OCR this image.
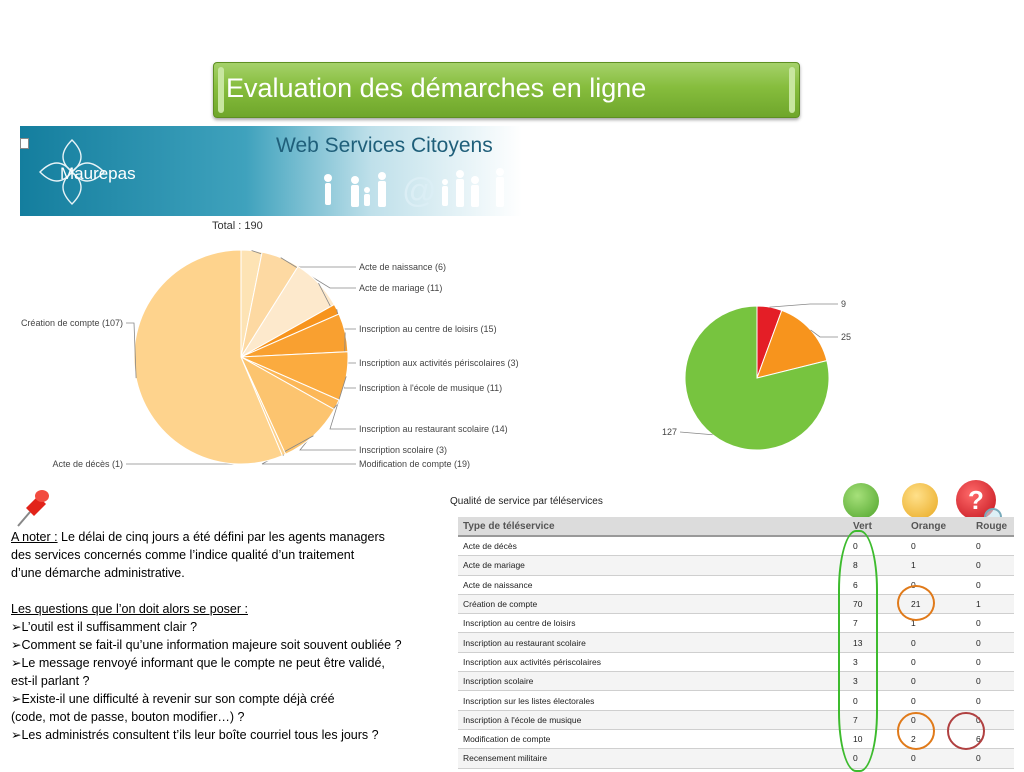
Evaluation des démarches en ligne
Maurepas
Web Services Citoyens
@
Total : 190
Acte de naissance (6)
Acte de mariage (11)
Inscription au centre de loisirs (15)
Inscription aux activités périscolaires (3)
Inscription à l'école de musique (11)
Inscription au restaurant scolaire (14)
Inscription scolaire (3)
Modification de compte (19)
Acte de décès (1)
Création de compte (107)
9
25
127

A noter : Le délai de cinq jours a été défini par les agents managers

des services concernés comme l’indice qualité d’un traitement

d’une démarche administrative.

Les questions que l’on doit alors se poser :

➢L’outil est il suffisamment clair ?

➢Comment se fait-il qu’une information majeure soit souvent oubliée ?

➢Le message renvoyé informant que le compte ne peut être validé,

est-il parlant ?

➢Existe-il une difficulté à revenir sur son compte déjà créé

(code, mot de passe, bouton modifier…) ?

➢Les administrés consultent t’ils leur boîte courriel tous les jours ?

Qualité de service par téléservices	?
Type de téléservice	Vert	Orange	Rouge
Acte de décès	0	0	0
Acte de mariage	8	1	0
Acte de naissance	6	0	0
Création de compte	70	21	1
Inscription au centre de loisirs	7	1	0
Inscription au restaurant scolaire	13	0	0
Inscription aux activités périscolaires	3	0	0
Inscription scolaire	3	0	0
Inscription sur les listes électorales	0	0	0
Inscription à l'école de musique	7	0	0
Modification de compte	10	2	6
Recensement militaire	0	0	0
